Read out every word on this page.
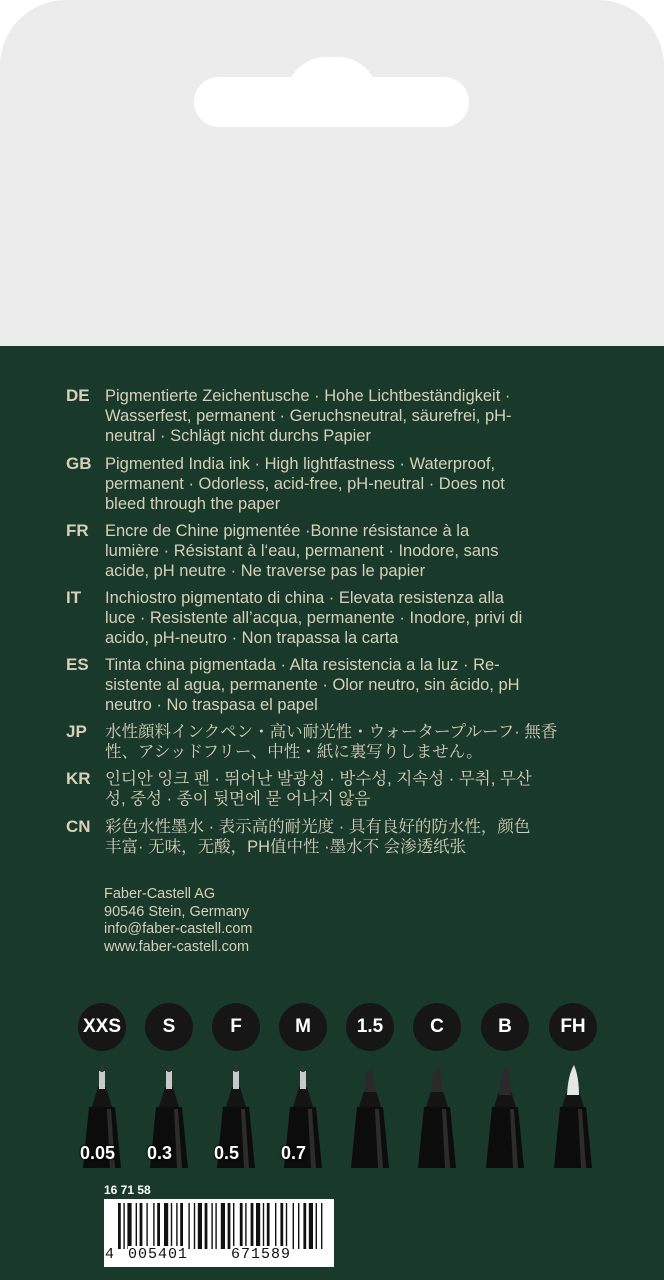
DE Pigmentierte Zeichentusche · Hohe Lichtbeständigkeit ·
Wasserfest, permanent · Geruchsneutral, säurefrei, pH-
neutral · Schlägt nicht durchs Papier
GB Pigmented India ink · High lightfastness · Waterproof,
permanent · Odorless, acid-free, pH-neutral · Does not
bleed through the paper
FR Encre de Chine pigmentée ·Bonne résistance à la
lumière · Résistant à l‘eau, permanent · Inodore, sans
acide, pH neutre · Ne traverse pas le papier
IT Inchiostro pigmentato di china · Elevata resistenza alla
luce · Resistente all’acqua, permanente · Inodore, privi di
acido, pH-neutro · Non trapassa la carta
ES Tinta china pigmentada · Alta resistencia a la luz · Re-
sistente al agua, permanente · Olor neutro, sin ácido, pH
neutro · No traspasa el papel
JP 水性顔料インクペン・高い耐光性・ウォータープルーフ· 無香
性、アシッドフリー、中性・紙に裏写りしません。
KR 인디안 잉크 펜 · 뛰어난 발광성 · 방수성, 지속성 · 무취, 무산
성, 중성 · 종이 뒷면에 묻 어나지 않음
CN 彩色水性墨水 · 表示高的耐光度 · 具有良好的防水性，颜色
丰富· 无味，无酸，PH值中性 ·墨水不 会渗透纸张
Faber-Castell AG
90546 Stein, Germany
info@faber-castell.com
www.faber-castell.com
XXS
0.05
S
0.3
F
0.5
M
0.7
1.5	C	B	FH
16 71 58
4 005401	671589
